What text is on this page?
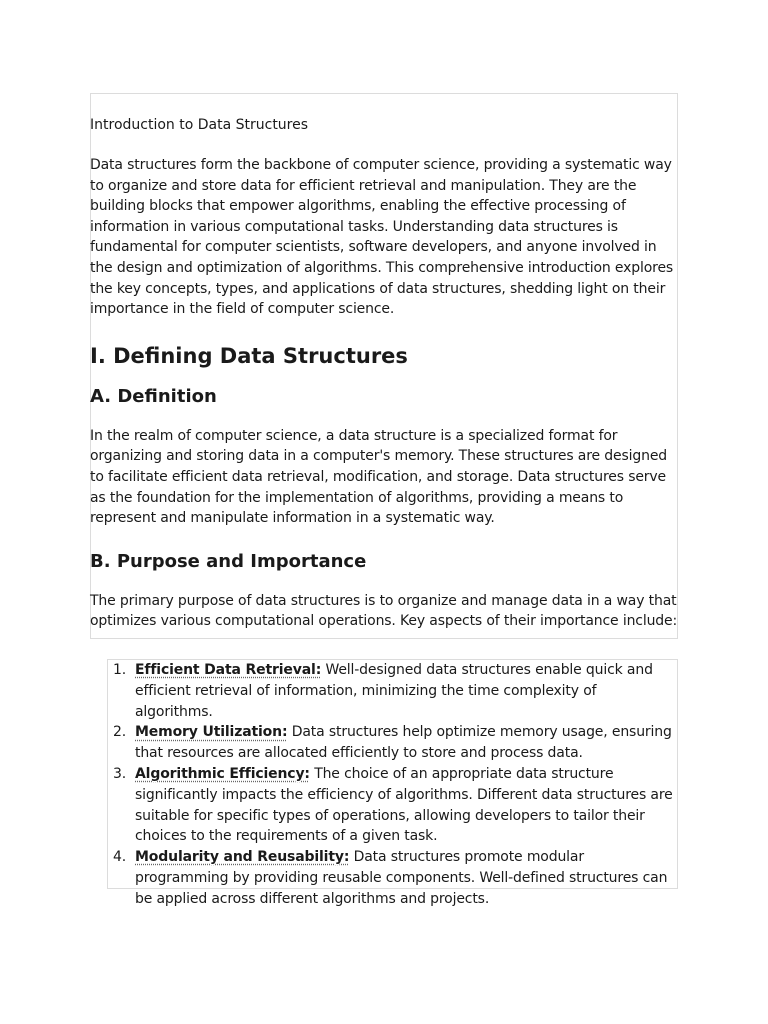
Introduction to Data Structures

Data structures form the backbone of computer science, providing a systematic way to organize and store data for efficient retrieval and manipulation. They are the building blocks that empower algorithms, enabling the effective processing of information in various computational tasks. Understanding data structures is fundamental for computer scientists, software developers, and anyone involved in the design and optimization of algorithms. This comprehensive introduction explores the key concepts, types, and applications of data structures, shedding light on their importance in the field of computer science.

I. Defining Data Structures
A. Definition

In the realm of computer science, a data structure is a specialized format for organizing and storing data in a computer's memory. These structures are designed to facilitate efficient data retrieval, modification, and storage. Data structures serve as the foundation for the implementation of algorithms, providing a means to represent and manipulate information in a systematic way.

B. Purpose and Importance

The primary purpose of data structures is to organize and manage data in a way that optimizes various computational operations. Key aspects of their importance include:

1. Efficient Data Retrieval: Well-designed data structures enable quick and efficient retrieval of information, minimizing the time complexity of algorithms.
2. Memory Utilization: Data structures help optimize memory usage, ensuring that resources are allocated efficiently to store and process data.
3. Algorithmic Efficiency: The choice of an appropriate data structure significantly impacts the efficiency of algorithms. Different data structures are suitable for specific types of operations, allowing developers to tailor their choices to the requirements of a given task.
4. Modularity and Reusability: Data structures promote modular programming by providing reusable components. Well-defined structures can be applied across different algorithms and projects.
